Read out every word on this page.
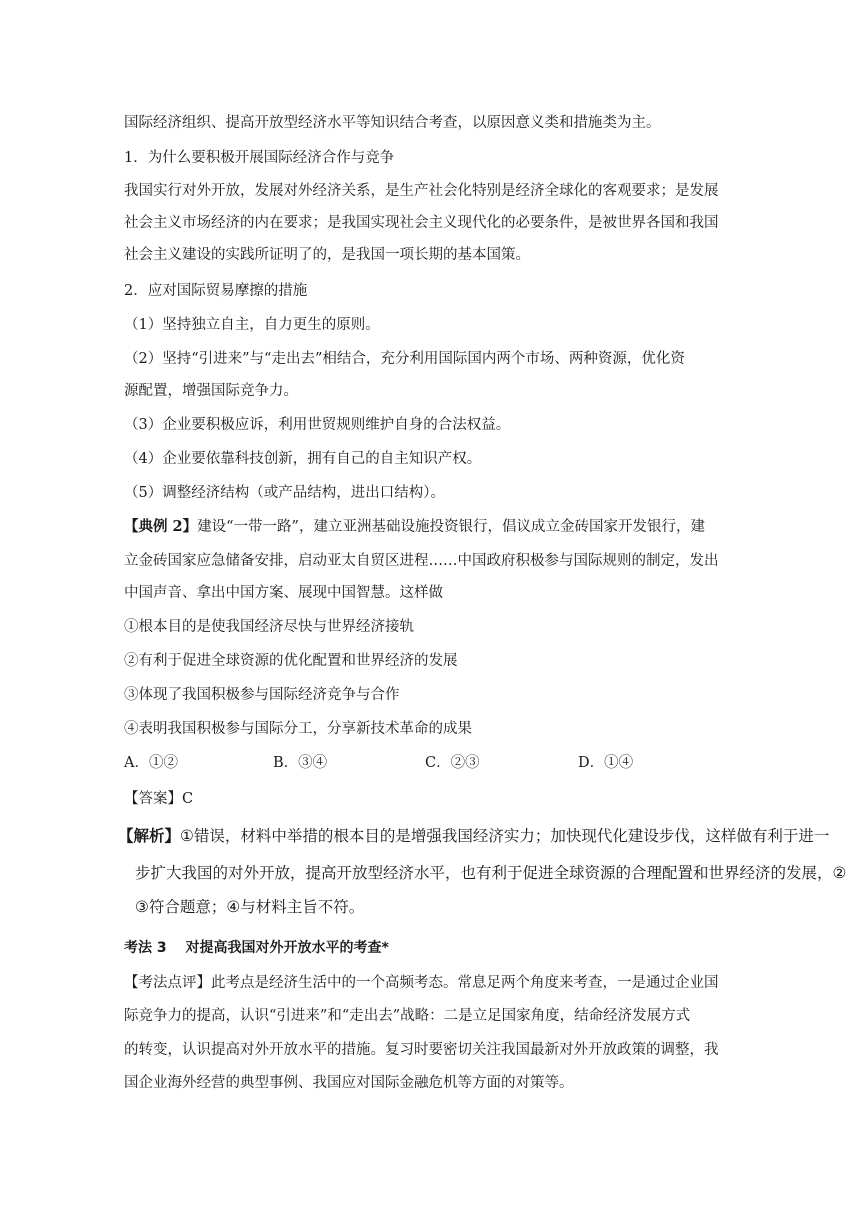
国际经济组织、提高开放型经济水平等知识结合考查，以原因意义类和措施类为主。
1．为什么要积极开展国际经济合作与竞争
我国实行对外开放，发展对外经济关系，是生产社会化特别是经济全球化的客观要求；是发展
社会主义市场经济的内在要求；是我国实现社会主义现代化的必要条件，是被世界各国和我国
社会主义建设的实践所证明了的，是我国一项长期的基本国策。
2．应对国际贸易摩擦的措施
（1）坚持独立自主，自力更生的原则。
（2）坚持“引进来”与“走出去”相结合，充分利用国际国内两个市场、两种资源，优化资
源配置，增强国际竞争力。
（3）企业要积极应诉，利用世贸规则维护自身的合法权益。
（4）企业要依靠科技创新，拥有自己的自主知识产权。
（5）调整经济结构（或产品结构，进出口结构）。
【典例 2】建设“一带一路”，建立亚洲基础设施投资银行，倡议成立金砖国家开发银行，建
立金砖国家应急储备安排，启动亚太自贸区进程……中国政府积极参与国际规则的制定，发出
中国声音、拿出中国方案、展现中国智慧。这样做
①根本目的是使我国经济尽快与世界经济接轨
②有利于促进全球资源的优化配置和世界经济的发展
③体现了我国积极参与国际经济竞争与合作
④表明我国积极参与国际分工，分享新技术革命的成果
A．①②	B．③④	C．②③	D．①④
【答案】C
【解析】①错误，材料中举措的根本目的是增强我国经济实力；加快现代化建设步伐，这样做有利于进一
步扩大我国的对外开放，提高开放型经济水平，也有利于促进全球资源的合理配置和世界经济的发展，②
③符合题意；④与材料主旨不符。
考法 3　 对提高我国对外开放水平的考查*
【考法点评】此考点是经济生活中的一个高频考态。常息足两个角度来考查，一是通过企业国
际竞争力的提高，认识“引进来”和“走出去”战略：二是立足国家角度，结命经济发展方式
的转变，认识提高对外开放水平的措施。复习时要密切关注我国最新对外开放政策的调整，我
国企业海外经营的典型事例、我国应对国际金融危机等方面的对策等。
